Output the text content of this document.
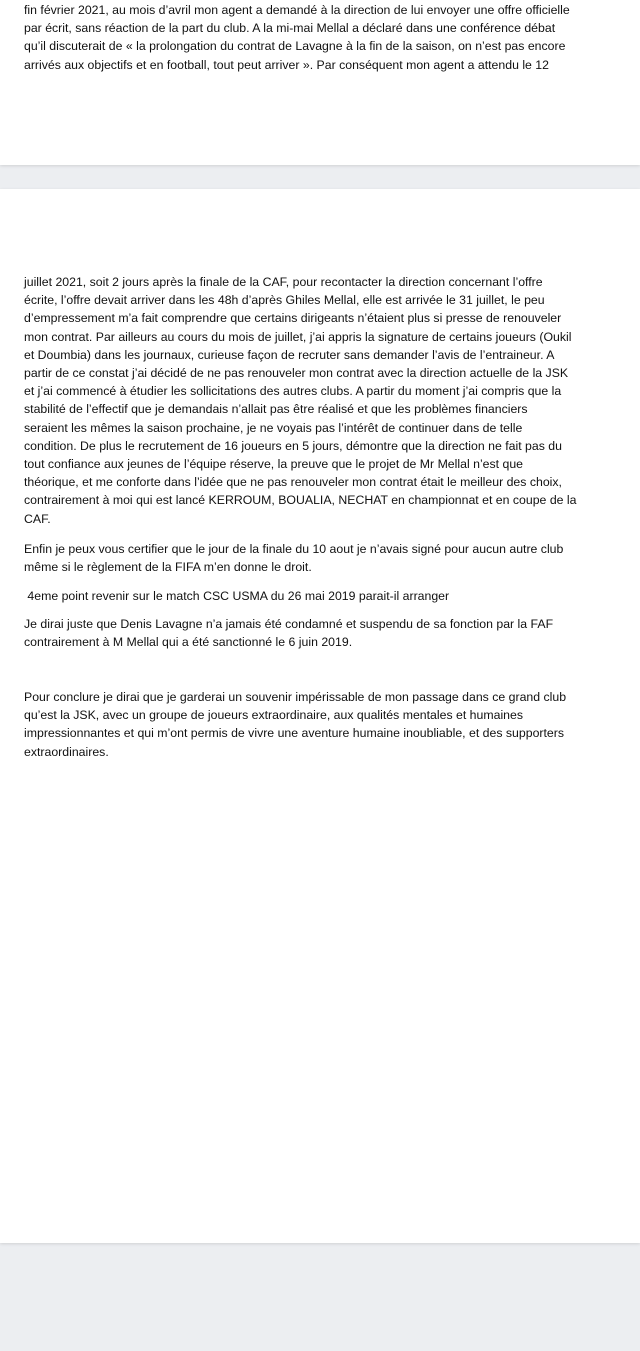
fin février 2021, au mois d’avril mon agent a demandé à la direction de lui envoyer une offre officielle
par écrit, sans réaction de la part du club. A la mi-mai Mellal a déclaré dans une conférence débat
qu’il discuterait de « la prolongation du contrat de Lavagne à la fin de la saison, on n’est pas encore
arrivés aux objectifs et en football, tout peut arriver ». Par conséquent mon agent a attendu le 12

juillet 2021, soit 2 jours après la finale de la CAF, pour recontacter la direction concernant l’offre
écrite, l’offre devait arriver dans les 48h d’après Ghiles Mellal, elle est arrivée le 31 juillet, le peu
d’empressement m’a fait comprendre que certains dirigeants n’étaient plus si presse de renouveler
mon contrat. Par ailleurs au cours du mois de juillet, j’ai appris la signature de certains joueurs (Oukil
et Doumbia) dans les journaux, curieuse façon de recruter sans demander l’avis de l’entraineur. A
partir de ce constat j’ai décidé de ne pas renouveler mon contrat avec la direction actuelle de la JSK
et j’ai commencé à étudier les sollicitations des autres clubs. A partir du moment j’ai compris que la
stabilité de l’effectif que je demandais n’allait pas être réalisé et que les problèmes financiers
seraient les mêmes la saison prochaine, je ne voyais pas l’intérêt de continuer dans de telle
condition. De plus le recrutement de 16 joueurs en 5 jours, démontre que la direction ne fait pas du
tout confiance aux jeunes de l’équipe réserve, la preuve que le projet de Mr Mellal n’est que
théorique, et me conforte dans l’idée que ne pas renouveler mon contrat était le meilleur des choix,
contrairement à moi qui est lancé KERROUM, BOUALIA, NECHAT en championnat et en coupe de la
CAF.

Enfin je peux vous certifier que le jour de la finale du 10 aout je n’avais signé pour aucun autre club
même si le règlement de la FIFA m’en donne le droit.

4eme point revenir sur le match CSC USMA du 26 mai 2019 parait-il arranger

Je dirai juste que Denis Lavagne n’a jamais été condamné et suspendu de sa fonction par la FAF
contrairement à M Mellal qui a été sanctionné le 6 juin 2019.

Pour conclure je dirai que je garderai un souvenir impérissable de mon passage dans ce grand club
qu’est la JSK, avec un groupe de joueurs extraordinaire, aux qualités mentales et humaines
impressionnantes et qui m’ont permis de vivre une aventure humaine inoubliable, et des supporters
extraordinaires.
